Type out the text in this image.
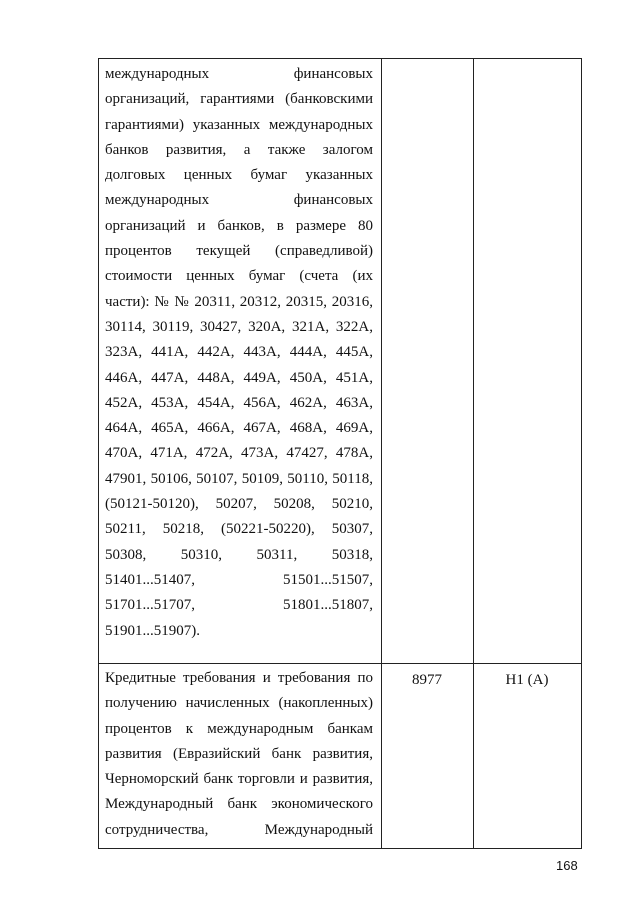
международных финансовых
организаций, гарантиями (банковскими
гарантиями) указанных международных
банков развития, а также залогом
долговых ценных бумаг указанных
международных финансовых
организаций и банков, в размере 80
процентов текущей (справедливой)
стоимости ценных бумаг (счета (их
части): № № 20311, 20312, 20315, 20316,
30114, 30119, 30427, 320А, 321А, 322А,
323А, 441А, 442А, 443А, 444А, 445А,
446А, 447А, 448А, 449А, 450А, 451А,
452А, 453А, 454А, 456А, 462А, 463А,
464А, 465А, 466А, 467А, 468А, 469А,
470А, 471А, 472А, 473А, 47427, 478А,
47901, 50106, 50107, 50109, 50110, 50118,
(50121-50120), 50207, 50208, 50210,
50211, 50218, (50221-50220), 50307,
50308, 50310, 50311, 50318,
51401...51407, 51501...51507,
51701...51707, 51801...51807,
51901...51907).
Кредитные требования и требования по
получению начисленных (накопленных)
процентов к международным банкам
развития (Евразийский банк развития,
Черноморский банк торговли и развития,
Международный банк экономического
сотрудничества, Международный
8977	Н1 (А)
168
